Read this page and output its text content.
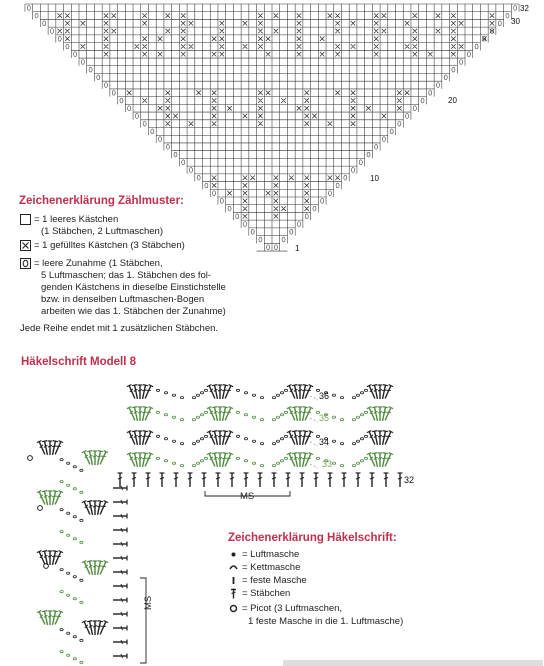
32
30
20
10
1
Zeichenerklärung Zählmuster:
= 1 leeres Kästchen
(1 Stäbchen, 2 Luftmaschen)
= 1 gefülltes Kästchen (3 Stäbchen)
= leere Zunahme (1 Stäbchen,
5 Luftmaschen; das 1. Stäbchen des fol-
genden Kästchens in dieselbe Einstichstelle
bzw. in denselben Luftmaschen-Bogen
arbeiten wie das 1. Stäbchen der Zunahme)
Jede Reihe endet mit 1 zusätzlichen Stäbchen.
Häkelschrift Modell 8
36
35
34
33
32
MS
MS
Zeichenerklärung Häkelschrift:
= Luftmasche
= Kettmasche
= feste Masche
= Stäbchen
= Picot (3 Luftmaschen,
1 feste Masche in die 1. Luftmasche)
